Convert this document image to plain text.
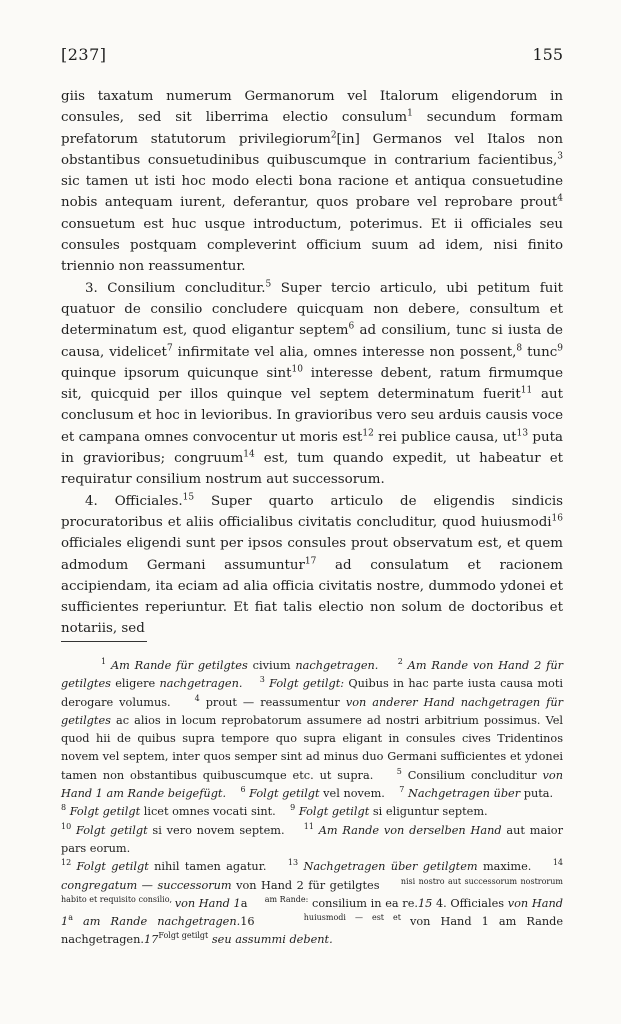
[237]	155

giis taxatum numerum Germanorum vel Italorum eligendorum in consules, sed sit liberrima electio consulum$^1$ secundum formam prefatorum statutorum privilegiorum$^2$[in] Germanos vel Italos non obstantibus consuetudinibus quibuscumque in contrarium facientibus,$^3$ sic tamen ut isti hoc modo electi bona racione et antiqua consuetudine nobis antequam iurent, deferantur, quos probare vel reprobare prout$^4$ consuetum est huc usque introductum, poterimus. Et ii officiales seu consules postquam compleverint officium suum ad idem, nisi finito triennio non reassumentur.

3. Consilium concluditur.$^5$ Super tercio articulo, ubi petitum fuit quatuor de consilio concludere quicquam non debere, consultum et determinatum est, quod eligantur septem$^6$ ad consilium, tunc si iusta de causa, videlicet$^7$ infirmitate vel alia, omnes interesse non possent,$^8$ tunc$^9$ quinque ipsorum quicunque sint$^{10}$ interesse debent, ratum firmumque sit, quicquid per illos quinque vel septem determinatum fuerit$^{11}$ aut conclusum et hoc in levioribus. In gravioribus vero seu arduis causis voce et campana omnes convocentur ut moris est$^{12}$ rei publice causa, $ut^{13}$ puta in gravioribus; congruum$^{14}$ est, tum quando expedit, ut habeatur et requiratur consilium nostrum aut successorum.

4. Officiales.$^{15}$ Super quarto articulo de eligendis sindicis procuratoribus et aliis officialibus civitatis concluditur, quod huiusmodi$^{16}$ officiales eligendi sunt per ipsos consules prout observatum est, et quem admodum Germani assumuntur$^{17}$ ad consulatum et racionem accipiendam, ita eciam ad alia officia civitatis nostre, dummodo ydonei et sufficientes reperiuntur. Et fiat talis electio non solum de doctoribus et notariis, sed

$^1$ Am Rande für getilgtes civium nachgetragen. $^2$ Am Rande von Hand 2 für getilgtes eligere nachgetragen. $^3$ Folgt getilgt: Quibus in hac parte iusta causa moti derogare volumus.	$^4$ prout — reassumentur von anderer Hand nachgetragen für getilgtes ac alios in locum reprobatorum assumere ad nostri arbitrium possimus. Vel quod hii de quibus supra tempore quo supra eligant in consules cives Tridentinos novem vel septem, inter quos semper sint ad minus duo Germani sufficientes et ydonei tamen non obstantibus quibuscumque etc. ut supra.	$^5$ Consilium concluditur von Hand 1 am Rande beigefügt. $^6$ Folgt getilgt vel novem. $^7$ Nachgetragen über puta.
$^8$ Folgt getilgt licet omnes vocati sint. $^9$ Folgt getilgt si eliguntur septem.
$^{10}$ Folgt getilgt si vero novem septem. $^{11}$ Am Rande von derselben Hand aut maior pars eorum.
$^{12}$ Folgt getilgt nihil tamen agatur.	$^{13}$ Nachgetragen über getilgtem maxime.	$^{14}$ congregatum — successorum von Hand 2 für getilgtes     $^{nisi nostro aut successorum nostrorum habito et requisito consilio,}$ von Hand 1a     $^{am Rande:}$ consilium in ea re.15 4. Officiales von Hand 1$^a$ am Rande nachgetragen.16	$^{huiusmodi — est et}$ von Hand 1 am Rande $nachgetragen.17^{Folgt getilgt}$ seu assummi debent.
